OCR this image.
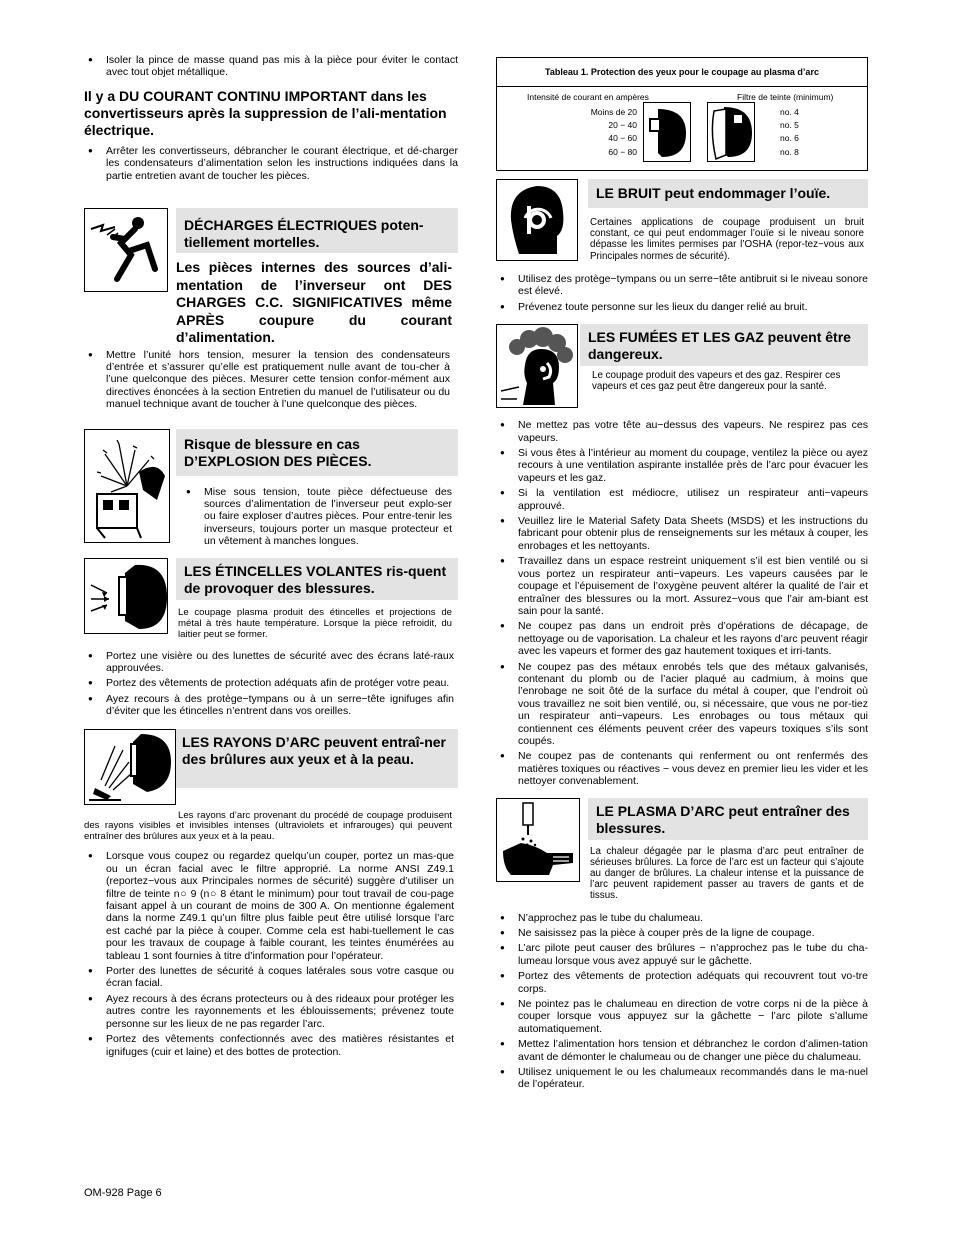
● Isoler la pince de masse quand pas mis à la pièce pour éviter le contact avec tout objet métallique.
Il y a DU COURANT CONTINU IMPORTANT dans les convertisseurs après la suppression de l’ali-mentation électrique.
● Arrêter les convertisseurs, débrancher le courant électrique, et dé-charger les condensateurs d’alimentation selon les instructions indiquées dans la partie entretien avant de toucher les pièces.
DÉCHARGES ÉLECTRIQUES poten-tiellement mortelles.
Les pièces internes des sources d’ali-mentation de l’inverseur ont DES CHARGES C.C. SIGNIFICATIVES même APRÈS coupure du courant d’alimentation.
● Mettre l’unité hors tension, mesurer la tension des condensateurs d’entrée et s’assurer qu’elle est pratiquement nulle avant de tou-cher à l’une quelconque des pièces. Mesurer cette tension confor-mément aux directives énoncées à la section Entretien du manuel de l’utilisateur ou du manuel technique avant de toucher à l’une quelconque des pièces.
Risque de blessure en cas D’EXPLOSION DES PIÈCES.
● Mise sous tension, toute pièce défectueuse des sources d’alimentation de l’inverseur peut explo-ser ou faire exploser d’autres pièces. Pour entre-tenir les inverseurs, toujours porter un masque protecteur et un vêtement à manches longues.
LES ÉTINCELLES VOLANTES ris-quent de provoquer des blessures.
Le coupage plasma produit des étincelles et projections de métal à très haute température. Lorsque la pièce refroidit, du laitier peut se former.
● Portez une visière ou des lunettes de sécurité avec des écrans laté-raux approuvées.
● Portez des vêtements de protection adéquats afin de protéger votre peau.
● Ayez recours à des protège−tympans ou à un serre−tête ignifuges afin d’éviter que les étincelles n’entrent dans vos oreilles.
LES RAYONS D’ARC peuvent entraî-ner des brûlures aux yeux et à la peau.
Les rayons d’arc provenant du procédé de coupage produisent des rayons visibles et invisibles intenses (ultraviolets et infrarouges) qui peuvent entraîner des brûlures aux yeux et à la peau.
● Lorsque vous coupez ou regardez quelqu’un couper, portez un mas-que ou un écran facial avec le filtre approprié. La norme ANSI Z49.1 (reportez−vous aux Principales normes de sécurité) suggère d’utiliser un filtre de teinte n○ 9 (n○ 8 étant le minimum) pour tout travail de cou-page faisant appel à un courant de moins de 300 A. On mentionne également dans la norme Z49.1 qu’un filtre plus faible peut être utilisé lorsque l’arc est caché par la pièce à couper. Comme cela est habi-tuellement le cas pour les travaux de coupage à faible courant, les teintes énumérées au tableau 1 sont fournies à titre d’information pour l’opérateur.
● Porter des lunettes de sécurité à coques latérales sous votre casque ou écran facial.
● Ayez recours à des écrans protecteurs ou à des rideaux pour protéger les autres contre les rayonnements et les éblouissements; prévenez toute personne sur les lieux de ne pas regarder l’arc.
● Portez des vêtements confectionnés avec des matières résistantes et ignifuges (cuir et laine) et des bottes de protection.
Tableau 1. Protection des yeux pour le coupage au plasma d’arc
Intensité de courant en ampères	Filtre de teinte (minimum)
Moins de 20
20 − 40
40 − 60
60 − 80
no. 4
no. 5
no. 6
no. 8
LE BRUIT peut endommager l’ouïe.
Certaines applications de coupage produisent un bruit constant, ce qui peut endommager l’ouïe si le niveau sonore dépasse les limites permises par l’OSHA (repor-tez−vous aux Principales normes de sécurité).
● Utilisez des protège−tympans ou un serre−tête antibruit si le niveau sonore est élevé.
● Prévenez toute personne sur les lieux du danger relié au bruit.
LES FUMÉES ET LES GAZ peuvent être dangereux.
Le coupage produit des vapeurs et des gaz. Respirer ces vapeurs et ces gaz peut être dangereux pour la santé.
● Ne mettez pas votre tête au−dessus des vapeurs. Ne respirez pas ces vapeurs.
● Si vous êtes à l’intérieur au moment du coupage, ventilez la pièce ou ayez recours à une ventilation aspirante installée près de l’arc pour évacuer les vapeurs et les gaz.
● Si la ventilation est médiocre, utilisez un respirateur anti−vapeurs approuvé.
● Veuillez lire le Material Safety Data Sheets (MSDS) et les instructions du fabricant pour obtenir plus de renseignements sur les métaux à couper, les enrobages et les nettoyants.
● Travaillez dans un espace restreint uniquement s’il est bien ventilé ou si vous portez un respirateur anti−vapeurs. Les vapeurs causées par le coupage et l’épuisement de l’oxygène peuvent altérer la qualité de l’air et entraîner des blessures ou la mort. Assurez−vous que l’air am-biant est sain pour la santé.
● Ne coupez pas dans un endroit près d’opérations de décapage, de nettoyage ou de vaporisation. La chaleur et les rayons d’arc peuvent réagir avec les vapeurs et former des gaz hautement toxiques et irri-tants.
● Ne coupez pas des métaux enrobés tels que des métaux galvanisés, contenant du plomb ou de l’acier plaqué au cadmium, à moins que l’enrobage ne soit ôté de la surface du métal à couper, que l’endroit où vous travaillez ne soit bien ventilé, ou, si nécessaire, que vous ne por-tiez un respirateur anti−vapeurs. Les enrobages ou tous métaux qui contiennent ces éléments peuvent créer des vapeurs toxiques s’ils sont coupés.
● Ne coupez pas de contenants qui renferment ou ont renfermés des matières toxiques ou réactives − vous devez en premier lieu les vider et les nettoyer convenablement.
LE PLASMA D’ARC peut entraîner des blessures.
La chaleur dégagée par le plasma d’arc peut entraîner de sérieuses brûlures. La force de l’arc est un facteur qui s’ajoute au danger de brûlures. La chaleur intense et la puissance de l’arc peuvent rapidement passer au travers de gants et de tissus.
● N’approchez pas le tube du chalumeau.
● Ne saisissez pas la pièce à couper près de la ligne de coupage.
● L’arc pilote peut causer des brûlures − n’approchez pas le tube du cha-lumeau lorsque vous avez appuyé sur le gâchette.
● Portez des vêtements de protection adéquats qui recouvrent tout vo-tre corps.
● Ne pointez pas le chalumeau en direction de votre corps ni de la pièce à couper lorsque vous appuyez sur la gâchette − l’arc pilote s’allume automatiquement.
● Mettez l’alimentation hors tension et débranchez le cordon d’alimen-tation avant de démonter le chalumeau ou de changer une pièce du chalumeau.
● Utilisez uniquement le ou les chalumeaux recommandés dans le ma-nuel de l’opérateur.
OM-928 Page 6
